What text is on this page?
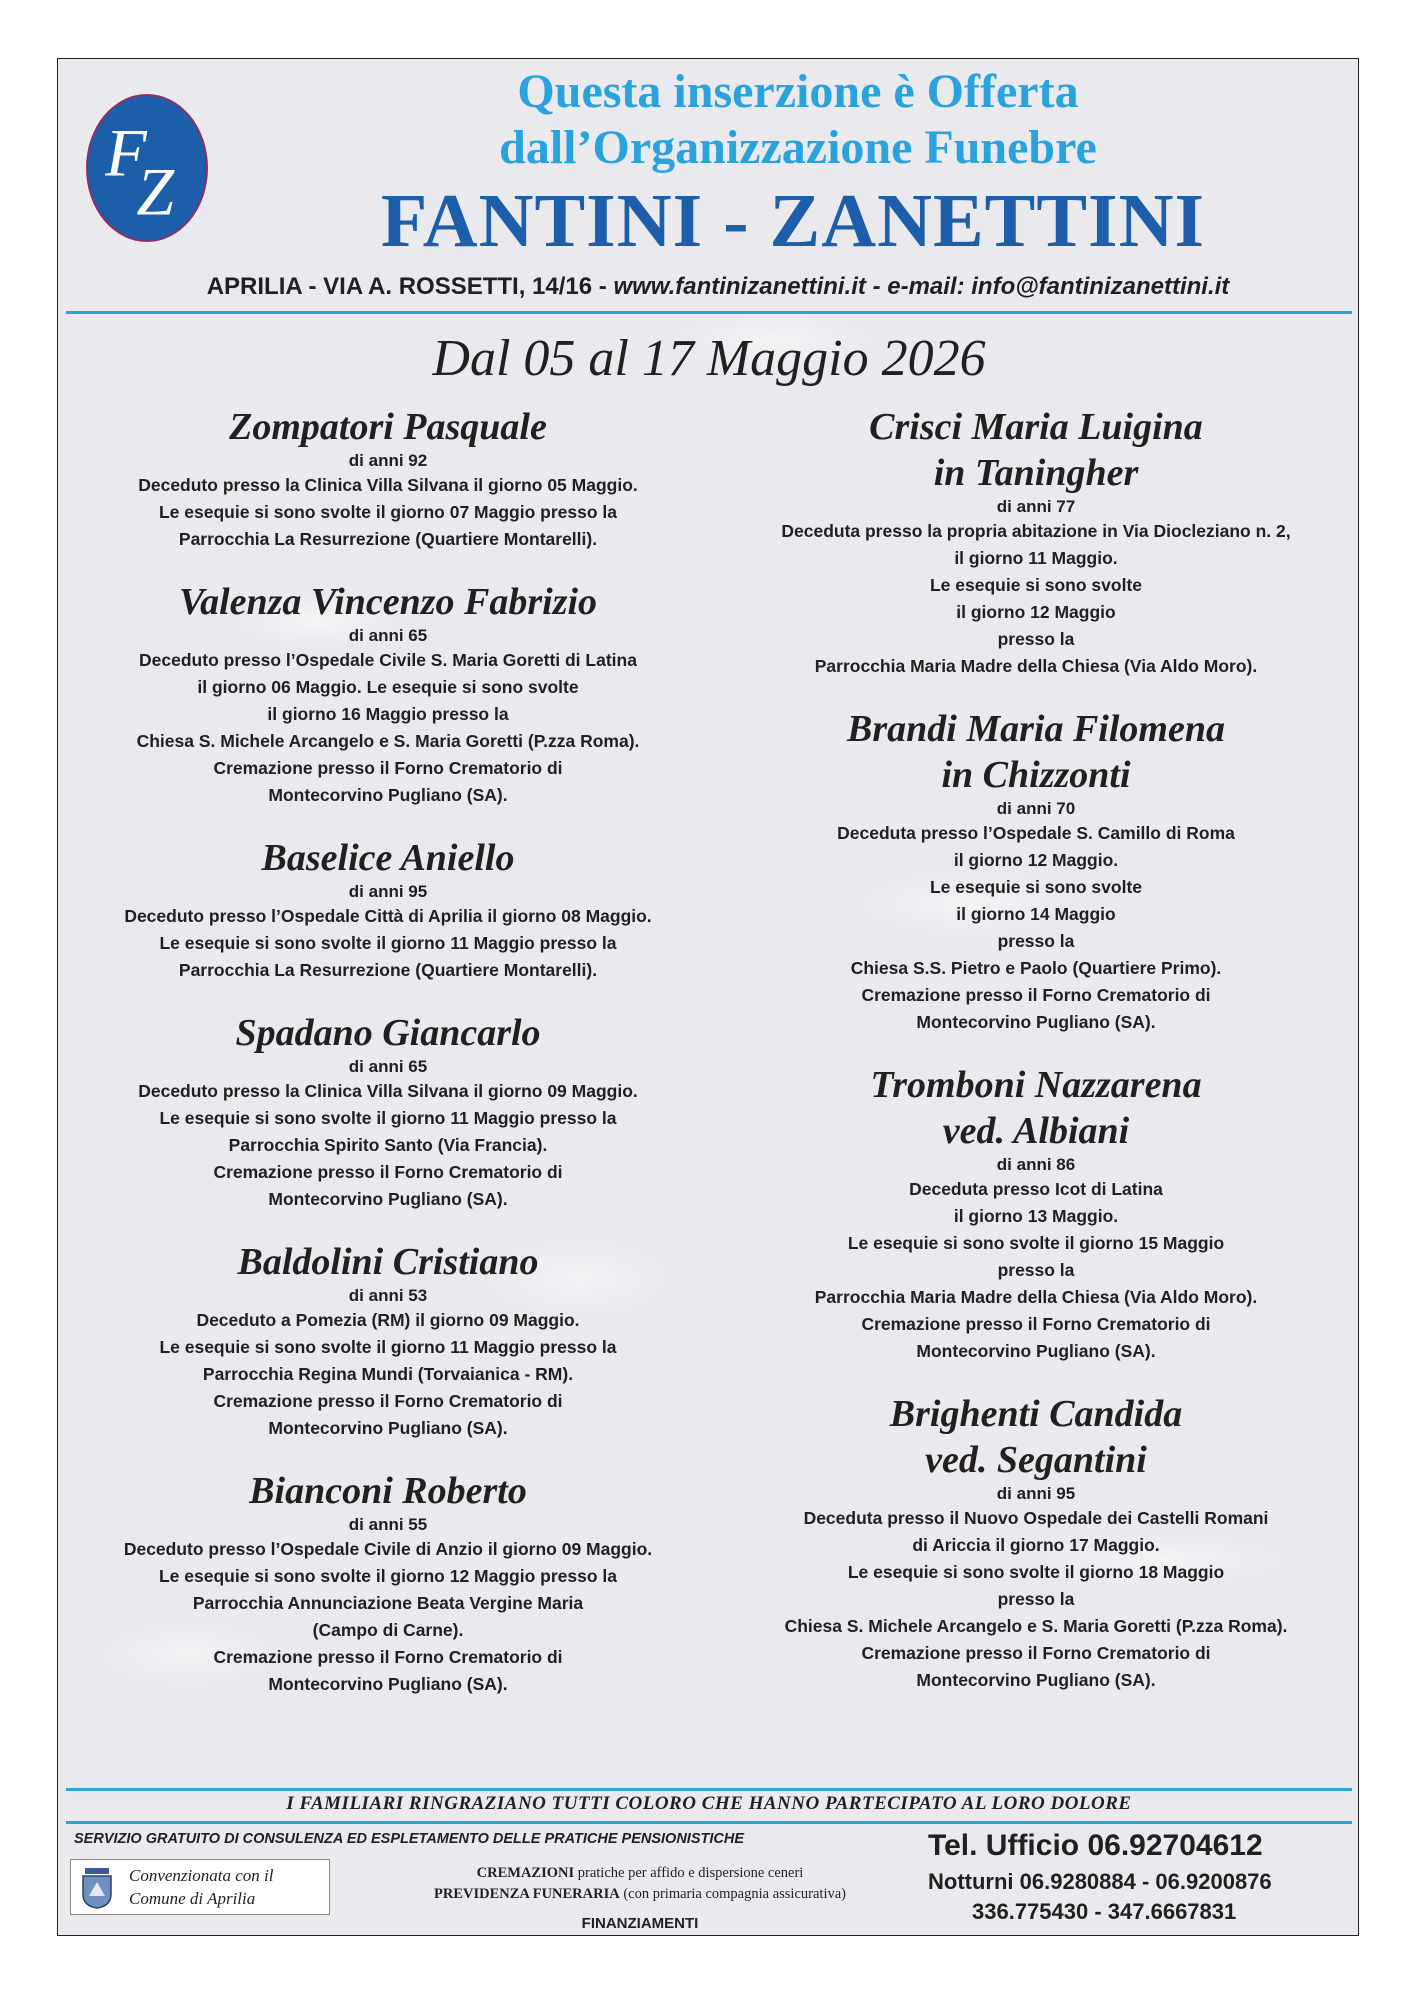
F
Z
Questa inserzione è Offerta
dall’Organizzazione Funebre
FANTINI - ZANETTINI
APRILIA - VIA A. ROSSETTI, 14/16 - www.fantinizanettini.it - e-mail: info@fantinizanettini.it
Dal 05 al 17 Maggio 2026
Zompatori Pasquale
di anni 92
Deceduto presso la Clinica Villa Silvana il giorno 05 Maggio.
Le esequie si sono svolte il giorno 07 Maggio presso la
Parrocchia La Resurrezione (Quartiere Montarelli).
Valenza Vincenzo Fabrizio
di anni 65
Deceduto presso l’Ospedale Civile S. Maria Goretti di Latina
il giorno 06 Maggio. Le esequie si sono svolte
il giorno 16 Maggio presso la
Chiesa S. Michele Arcangelo e S. Maria Goretti (P.zza Roma).
Cremazione presso il Forno Crematorio di
Montecorvino Pugliano (SA).
Baselice Aniello
di anni 95
Deceduto presso l’Ospedale Città di Aprilia il giorno 08 Maggio.
Le esequie si sono svolte il giorno 11 Maggio presso la
Parrocchia La Resurrezione (Quartiere Montarelli).
Spadano Giancarlo
di anni 65
Deceduto presso la Clinica Villa Silvana il giorno 09 Maggio.
Le esequie si sono svolte il giorno 11 Maggio presso la
Parrocchia Spirito Santo (Via Francia).
Cremazione presso il Forno Crematorio di
Montecorvino Pugliano (SA).
Baldolini Cristiano
di anni 53
Deceduto a Pomezia (RM) il giorno 09 Maggio.
Le esequie si sono svolte il giorno 11 Maggio presso la
Parrocchia Regina Mundi (Torvaianica - RM).
Cremazione presso il Forno Crematorio di
Montecorvino Pugliano (SA).
Bianconi Roberto
di anni 55
Deceduto presso l’Ospedale Civile di Anzio il giorno 09 Maggio.
Le esequie si sono svolte il giorno 12 Maggio presso la
Parrocchia Annunciazione Beata Vergine Maria
(Campo di Carne).
Cremazione presso il Forno Crematorio di
Montecorvino Pugliano (SA).
Crisci Maria Luigina
in Taningher
di anni 77
Deceduta presso la propria abitazione in Via Diocleziano n. 2,
il giorno 11 Maggio.
Le esequie si sono svolte
il giorno 12 Maggio
presso la
Parrocchia Maria Madre della Chiesa (Via Aldo Moro).
Brandi Maria Filomena
in Chizzonti
di anni 70
Deceduta presso l’Ospedale S. Camillo di Roma
il giorno 12 Maggio.
Le esequie si sono svolte
il giorno 14 Maggio
presso la
Chiesa S.S. Pietro e Paolo (Quartiere Primo).
Cremazione presso il Forno Crematorio di
Montecorvino Pugliano (SA).
Tromboni Nazzarena
ved. Albiani
di anni 86
Deceduta presso Icot di Latina
il giorno 13 Maggio.
Le esequie si sono svolte il giorno 15 Maggio
presso la
Parrocchia Maria Madre della Chiesa (Via Aldo Moro).
Cremazione presso il Forno Crematorio di
Montecorvino Pugliano (SA).
Brighenti Candida
ved. Segantini
di anni 95
Deceduta presso il Nuovo Ospedale dei Castelli Romani
di Ariccia il giorno 17 Maggio.
Le esequie si sono svolte il giorno 18 Maggio
presso la
Chiesa S. Michele Arcangelo e S. Maria Goretti (P.zza Roma).
Cremazione presso il Forno Crematorio di
Montecorvino Pugliano (SA).
I FAMILIARI RINGRAZIANO TUTTI COLORO CHE HANNO PARTECIPATO AL LORO DOLORE
SERVIZIO GRATUITO DI CONSULENZA ED ESPLETAMENTO DELLE PRATICHE PENSIONISTICHE
Convenzionata con il
Comune di Aprilia
CREMAZIONI pratiche per affido e dispersione ceneri
PREVIDENZA FUNERARIA (con primaria compagnia assicurativa)
FINANZIAMENTI
Tel. Ufficio 06.92704612
Notturni 06.9280884 - 06.9200876
336.775430 - 347.6667831
